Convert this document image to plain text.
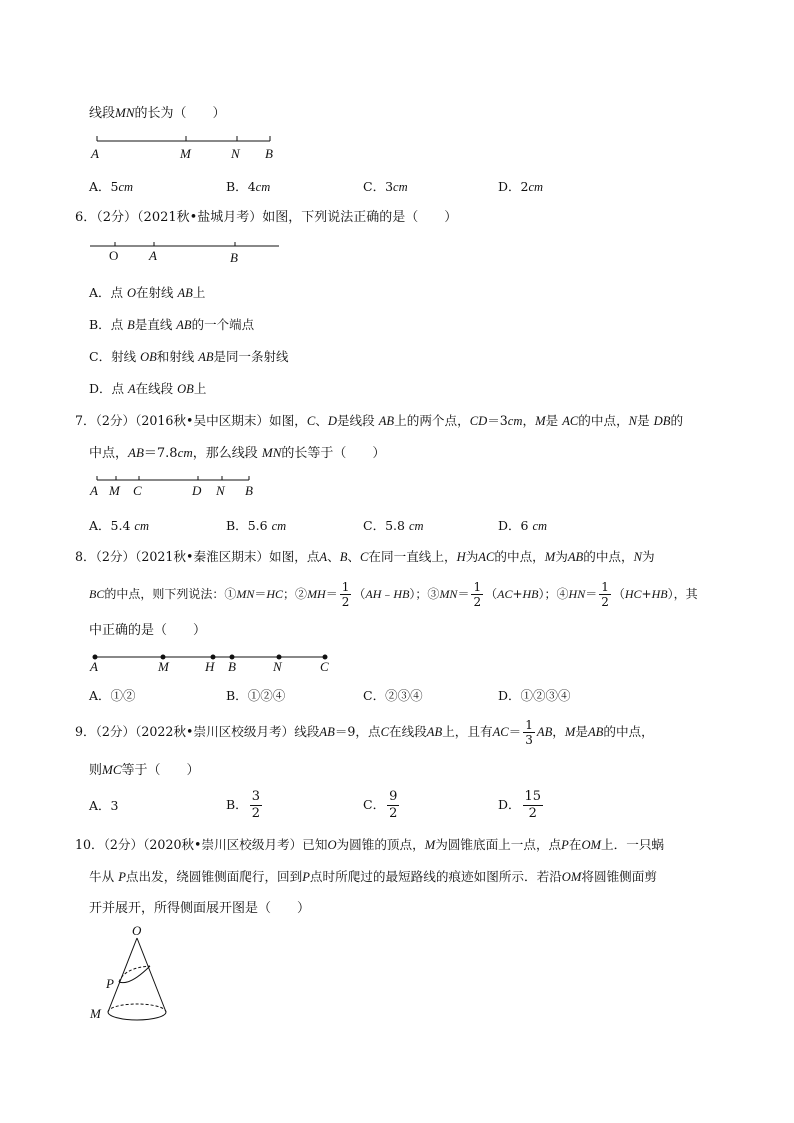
线段MN的长为（　　）
A	M	N B
A．5cm	B．4cm	C．3cm	D．2cm
6．（2分）（2021秋•盐城月考）如图，下列说法正确的是（　　）
O A	B
A．点 O在射线 AB上
B．点 B是直线 AB的一个端点
C．射线 OB和射线 AB是同一条射线
D．点 A在线段 OB上
7．（2分）（2016秋•吴中区期末）如图，C、D是线段 AB上的两个点，CD＝3cm，M是 AC的中点，N是 DB的
中点，AB＝7.8cm，那么线段 MN的长等于（　　）
A M C	D N B
A．5.4 cm	B．5.6 cm	C．5.8 cm	D．6 cm
8．（2分）（2021秋•秦淮区期末）如图，点A、B、C在同一直线上，H为AC的中点，M为AB的中点，N为
BC的中点，则下列说法：①MN＝HC；②MH＝ $\frac{1}{2}$ （AH﹣HB）；③MN＝ $\frac{1}{2} (AC+HB)$；④HN＝ $\frac{1}{2} (HC+HB)$，其
中正确的是（　　）
A	M	H B	N	C
A．①②	B．①②④	C．②③④	D．①②③④
9．（2分）（2022秋•崇川区校级月考）线段AB＝9，点C在线段AB上，且有$AC= \frac{1}{3}$ AB，M是AB的中点，
则MC等于（　　）
A．3	B． $\frac{3}{2}$	C． $\frac{9}{2}$	D． $\frac{15}{2}$
10．（2分）（2020秋•崇川区校级月考）已知O为圆锥的顶点，M为圆锥底面上一点，点P在OM上．一只蜗
牛从 P点出发，绕圆锥侧面爬行，回到P点时所爬过的最短路线的痕迹如图所示．若沿OM将圆锥侧面剪
开并展开，所得侧面展开图是（　　）
O
P
M
